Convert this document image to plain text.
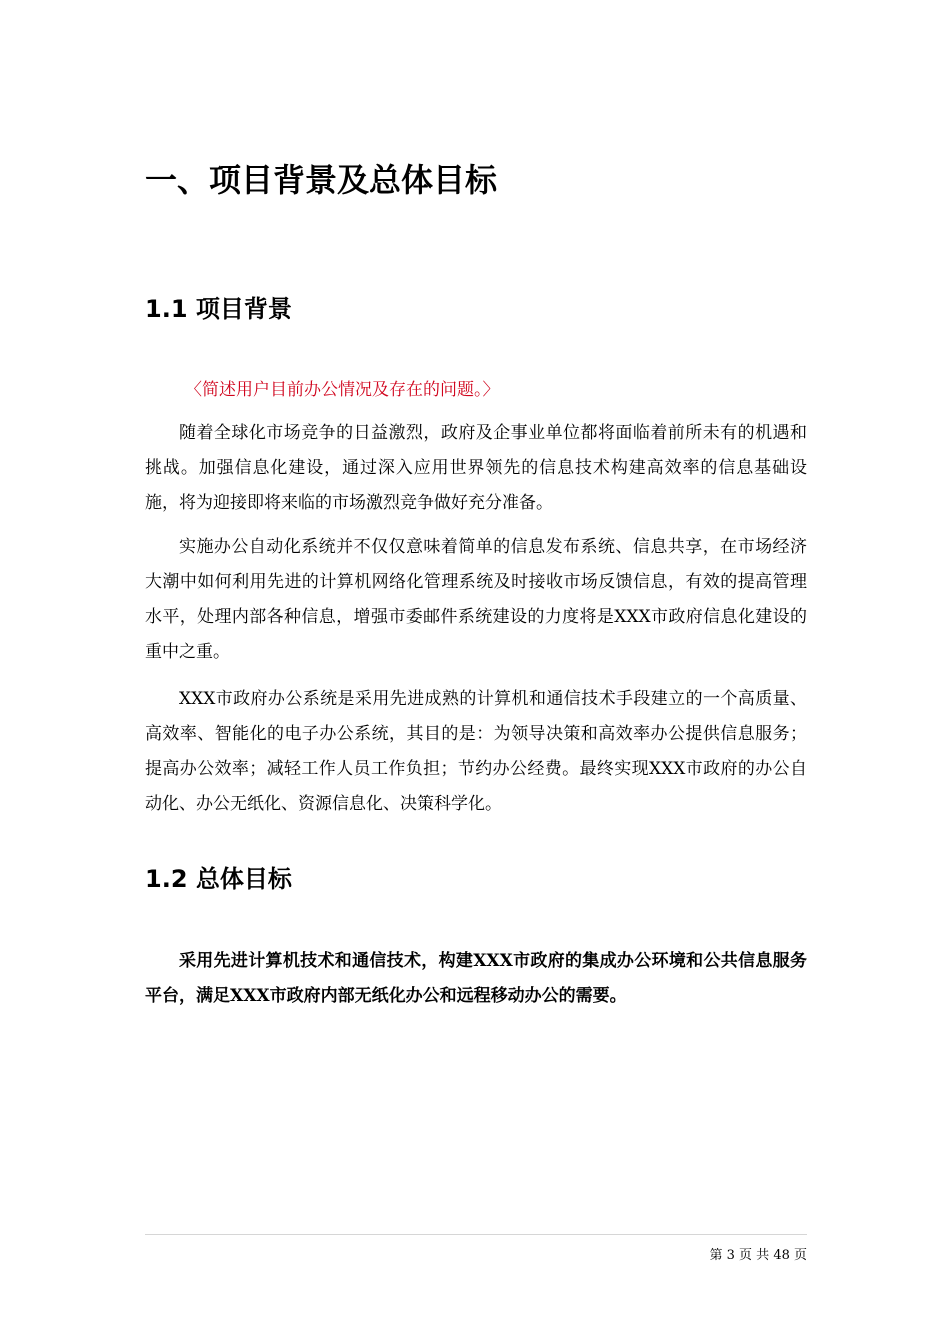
一、项目背景及总体目标
1.1 项目背景

〈简述用户目前办公情况及存在的问题。〉

随着全球化市场竞争的日益激烈，政府及企事业单位都将面临着前所未有的机遇和挑战。加强信息化建设，通过深入应用世界领先的信息技术构建高效率的信息基础设施，将为迎接即将来临的市场激烈竞争做好充分准备。

实施办公自动化系统并不仅仅意味着简单的信息发布系统、信息共享，在市场经济大潮中如何利用先进的计算机网络化管理系统及时接收市场反馈信息，有效的提高管理水平，处理内部各种信息，增强市委邮件系统建设的力度将是XXX市政府信息化建设的重中之重。

XXX市政府办公系统是采用先进成熟的计算机和通信技术手段建立的一个高质量、高效率、智能化的电子办公系统，其目的是：为领导决策和高效率办公提供信息服务；提高办公效率；减轻工作人员工作负担；节约办公经费。最终实现XXX市政府的办公自动化、办公无纸化、资源信息化、决策科学化。

1.2 总体目标

采用先进计算机技术和通信技术，构建XXX市政府的集成办公环境和公共信息服务平台，满足XXX市政府内部无纸化办公和远程移动办公的需要。

第 3 页 共 48 页
